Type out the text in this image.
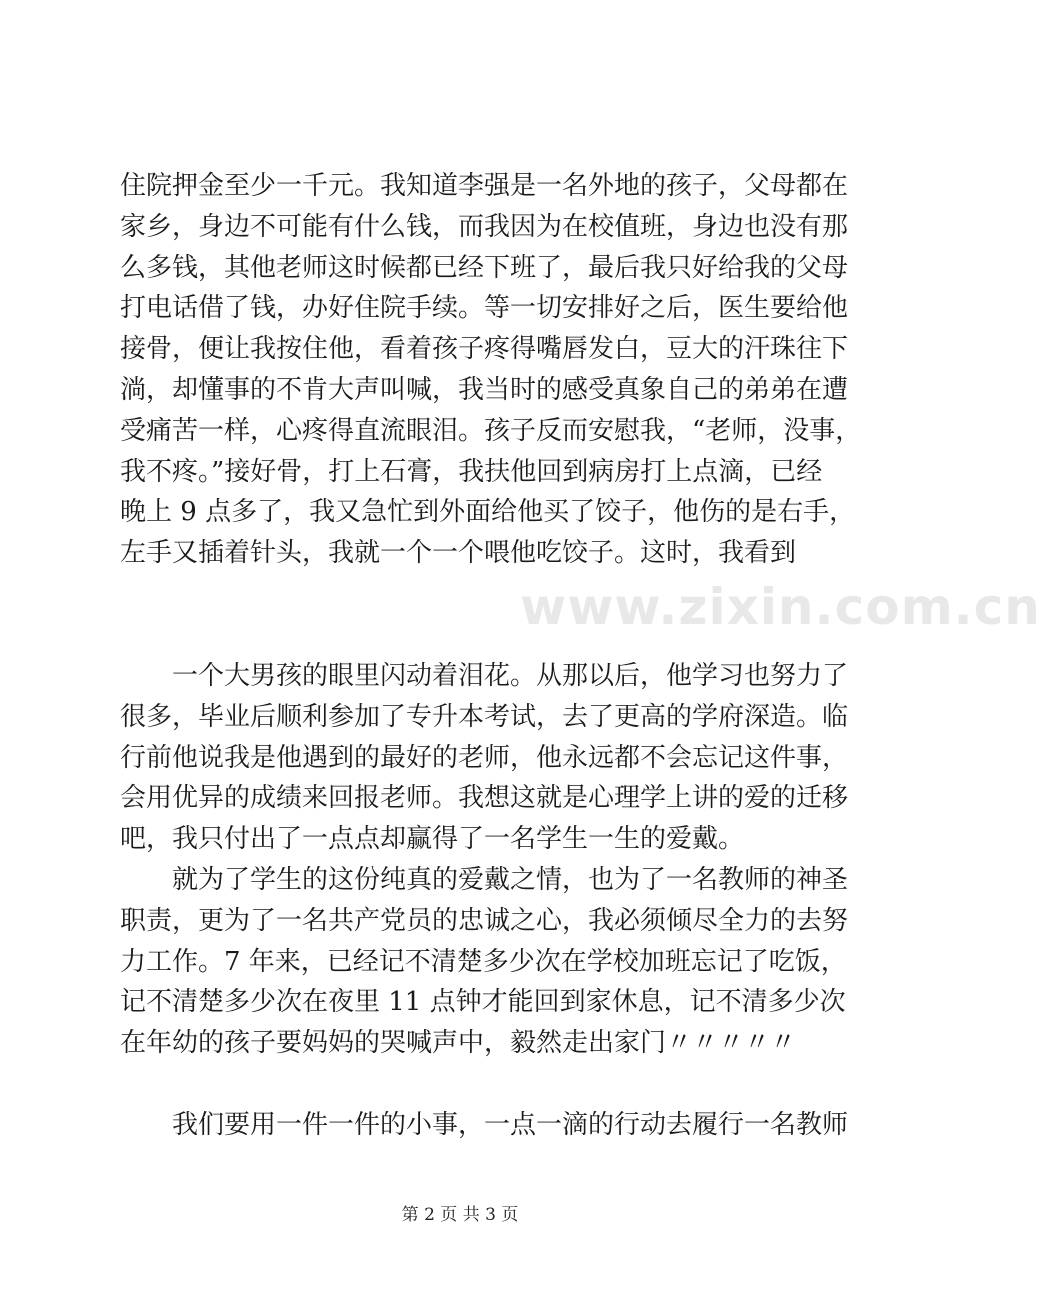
住院押金至少一千元。我知道李强是一名外地的孩子，父母都在
家乡，身边不可能有什么钱，而我因为在校值班，身边也没有那
么多钱，其他老师这时候都已经下班了，最后我只好给我的父母
打电话借了钱，办好住院手续。等一切安排好之后，医生要给他
接骨，便让我按住他，看着孩子疼得嘴唇发白，豆大的汗珠往下
淌，却懂事的不肯大声叫喊，我当时的感受真象自己的弟弟在遭
受痛苦一样，心疼得直流眼泪。孩子反而安慰我，“老师，没事，
我不疼。”接好骨，打上石膏，我扶他回到病房打上点滴，已经
晚上 9 点多了，我又急忙到外面给他买了饺子，他伤的是右手，
左手又插着针头，我就一个一个喂他吃饺子。这时，我看到
一个大男孩的眼里闪动着泪花。从那以后，他学习也努力了
很多，毕业后顺利参加了专升本考试，去了更高的学府深造。临
行前他说我是他遇到的最好的老师，他永远都不会忘记这件事，
会用优异的成绩来回报老师。我想这就是心理学上讲的爱的迁移
吧，我只付出了一点点却赢得了一名学生一生的爱戴。
就为了学生的这份纯真的爱戴之情，也为了一名教师的神圣
职责，更为了一名共产党员的忠诚之心，我必须倾尽全力的去努
力工作。7 年来，已经记不清楚多少次在学校加班忘记了吃饭，
记不清楚多少次在夜里 11 点钟才能回到家休息，记不清多少次
在年幼的孩子要妈妈的哭喊声中，毅然走出家门〃〃〃〃〃
我们要用一件一件的小事，一点一滴的行动去履行一名教师
www.zixin.com.cn
第 2 页 共 3 页
